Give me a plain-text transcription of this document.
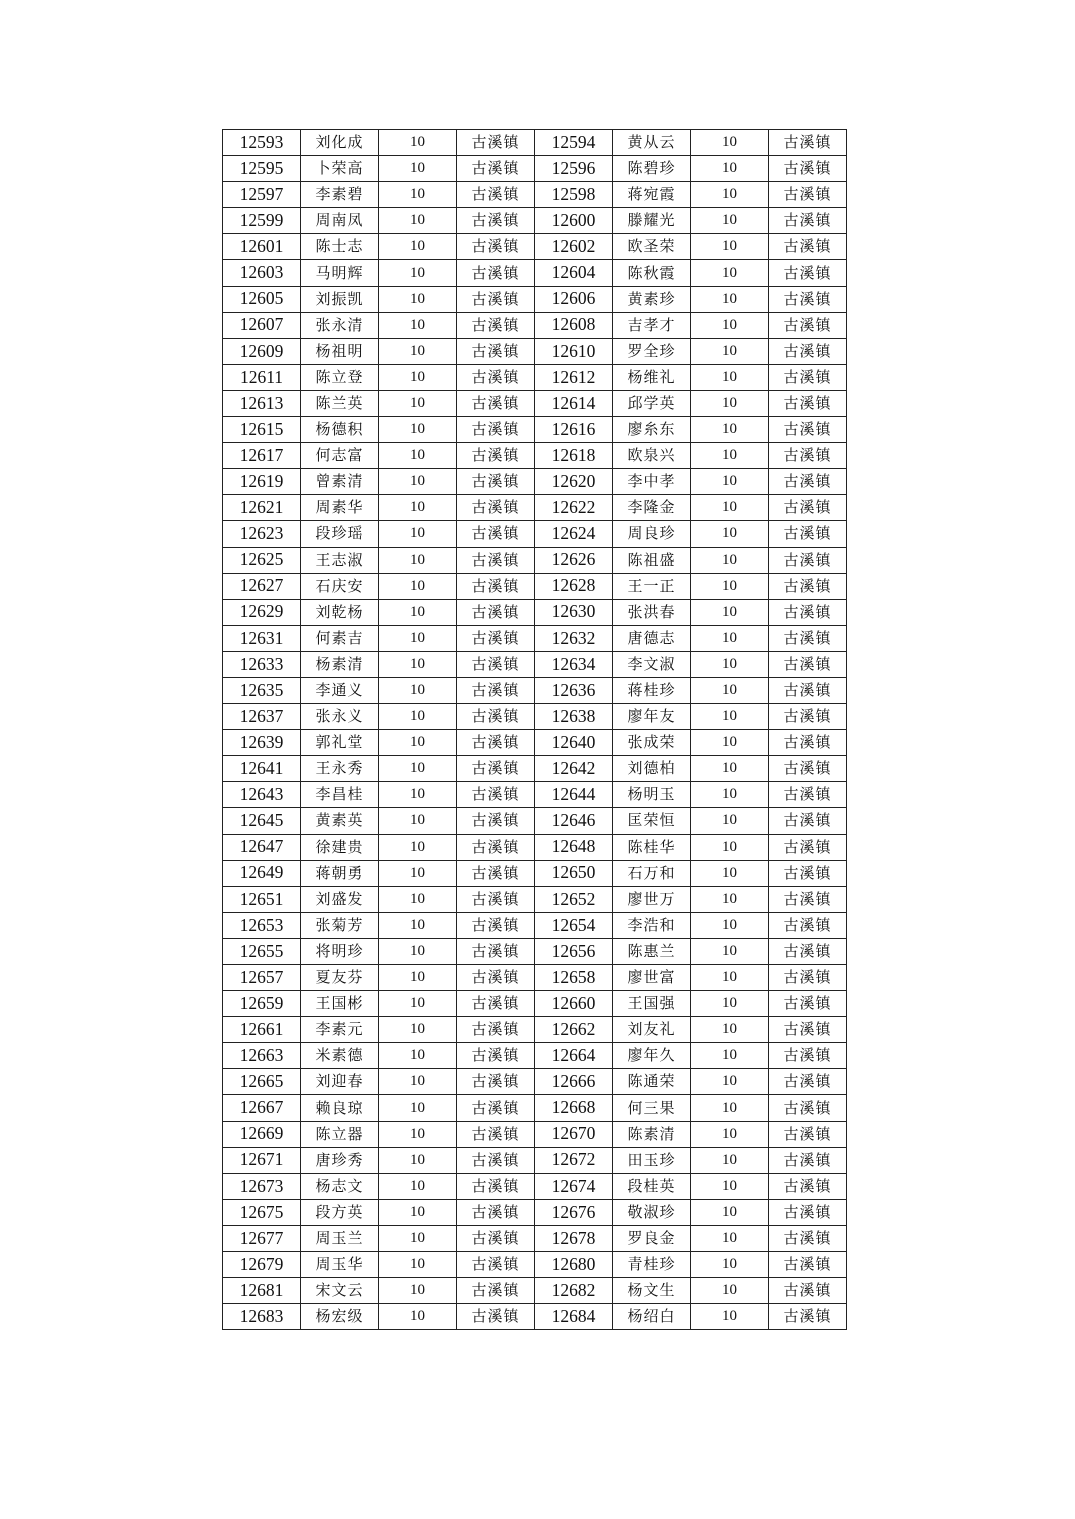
12593	刘化成	10	古溪镇	12594	黄从云	10	古溪镇
12595	卜荣高	10	古溪镇	12596	陈碧珍	10	古溪镇
12597	李素碧	10	古溪镇	12598	蒋宛霞	10	古溪镇
12599	周南凤	10	古溪镇	12600	滕耀光	10	古溪镇
12601	陈士志	10	古溪镇	12602	欧圣荣	10	古溪镇
12603	马明辉	10	古溪镇	12604	陈秋霞	10	古溪镇
12605	刘振凯	10	古溪镇	12606	黄素珍	10	古溪镇
12607	张永清	10	古溪镇	12608	吉孝才	10	古溪镇
12609	杨祖明	10	古溪镇	12610	罗全珍	10	古溪镇
12611	陈立登	10	古溪镇	12612	杨维礼	10	古溪镇
12613	陈兰英	10	古溪镇	12614	邱学英	10	古溪镇
12615	杨德积	10	古溪镇	12616	廖糸东	10	古溪镇
12617	何志富	10	古溪镇	12618	欧泉兴	10	古溪镇
12619	曾素清	10	古溪镇	12620	李中孝	10	古溪镇
12621	周素华	10	古溪镇	12622	李隆金	10	古溪镇
12623	段珍瑶	10	古溪镇	12624	周良珍	10	古溪镇
12625	王志淑	10	古溪镇	12626	陈祖盛	10	古溪镇
12627	石庆安	10	古溪镇	12628	王一正	10	古溪镇
12629	刘乾杨	10	古溪镇	12630	张洪春	10	古溪镇
12631	何素吉	10	古溪镇	12632	唐德志	10	古溪镇
12633	杨素清	10	古溪镇	12634	李文淑	10	古溪镇
12635	李通义	10	古溪镇	12636	蒋桂珍	10	古溪镇
12637	张永义	10	古溪镇	12638	廖年友	10	古溪镇
12639	郭礼堂	10	古溪镇	12640	张成荣	10	古溪镇
12641	王永秀	10	古溪镇	12642	刘德柏	10	古溪镇
12643	李昌桂	10	古溪镇	12644	杨明玉	10	古溪镇
12645	黄素英	10	古溪镇	12646	匡荣恒	10	古溪镇
12647	徐建贵	10	古溪镇	12648	陈桂华	10	古溪镇
12649	蒋朝勇	10	古溪镇	12650	石万和	10	古溪镇
12651	刘盛发	10	古溪镇	12652	廖世万	10	古溪镇
12653	张菊芳	10	古溪镇	12654	李浩和	10	古溪镇
12655	将明珍	10	古溪镇	12656	陈惠兰	10	古溪镇
12657	夏友芬	10	古溪镇	12658	廖世富	10	古溪镇
12659	王国彬	10	古溪镇	12660	王国强	10	古溪镇
12661	李素元	10	古溪镇	12662	刘友礼	10	古溪镇
12663	米素德	10	古溪镇	12664	廖年久	10	古溪镇
12665	刘迎春	10	古溪镇	12666	陈通荣	10	古溪镇
12667	赖良琼	10	古溪镇	12668	何三果	10	古溪镇
12669	陈立器	10	古溪镇	12670	陈素清	10	古溪镇
12671	唐珍秀	10	古溪镇	12672	田玉珍	10	古溪镇
12673	杨志文	10	古溪镇	12674	段桂英	10	古溪镇
12675	段方英	10	古溪镇	12676	敬淑珍	10	古溪镇
12677	周玉兰	10	古溪镇	12678	罗良金	10	古溪镇
12679	周玉华	10	古溪镇	12680	青桂珍	10	古溪镇
12681	宋文云	10	古溪镇	12682	杨文生	10	古溪镇
12683	杨宏级	10	古溪镇	12684	杨绍白	10	古溪镇
